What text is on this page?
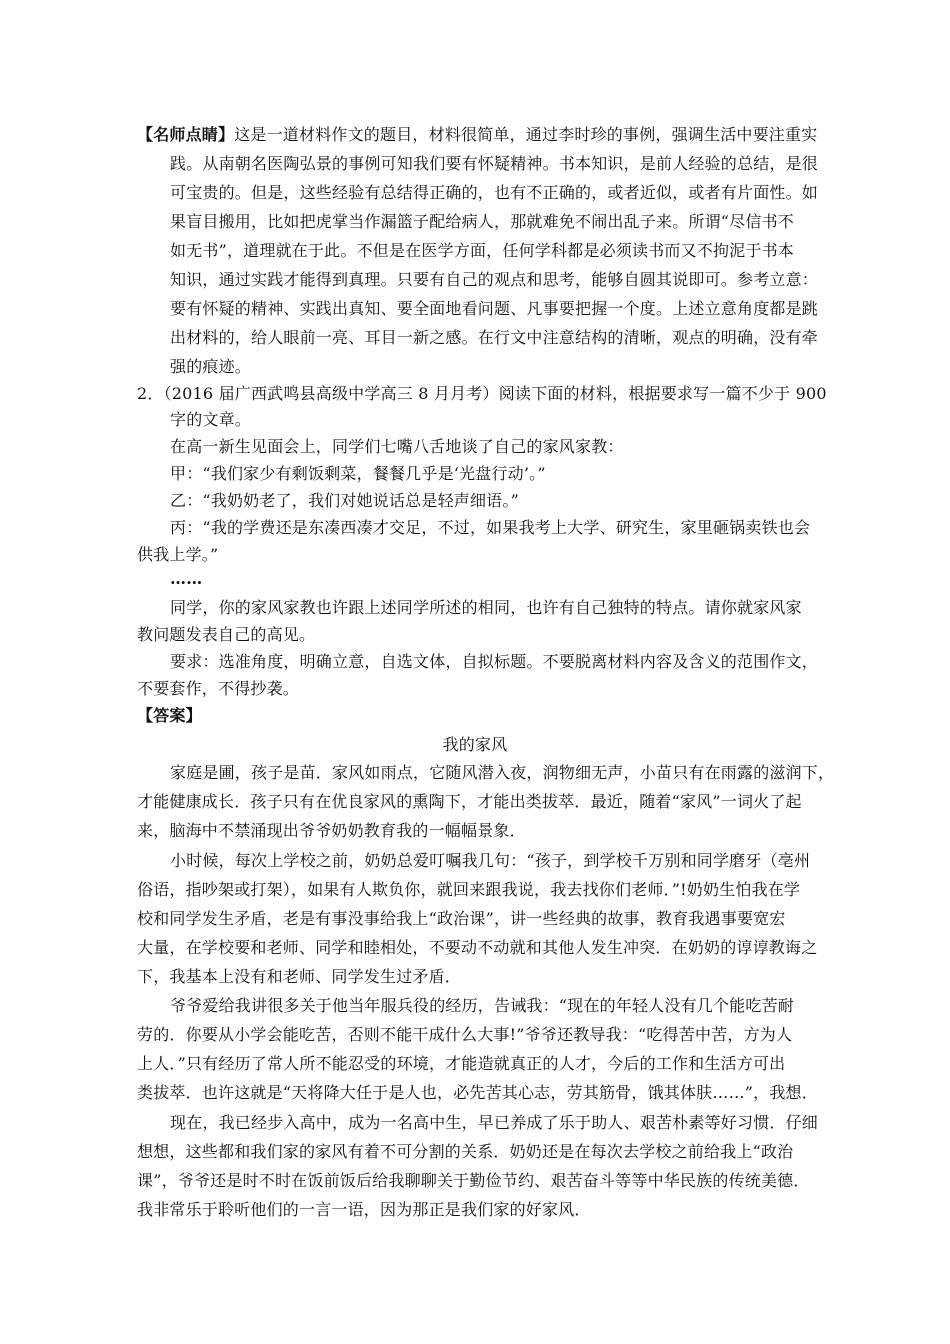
【名师点睛】这是一道材料作文的题目，材料很简单，通过李时珍的事例，强调生活中要注重实
践。从南朝名医陶弘景的事例可知我们要有怀疑精神。书本知识，是前人经验的总结，是很
可宝贵的。但是，这些经验有总结得正确的，也有不正确的，或者近似，或者有片面性。如
果盲目搬用，比如把虎掌当作漏篮子配给病人，那就难免不闹出乱子来。所谓“尽信书不
如无书”，道理就在于此。不但是在医学方面，任何学科都是必须读书而又不拘泥于书本
知识，通过实践才能得到真理。只要有自己的观点和思考，能够自圆其说即可。参考立意：
要有怀疑的精神、实践出真知、要全面地看问题、凡事要把握一个度。上述立意角度都是跳
出材料的，给人眼前一亮、耳目一新之感。在行文中注意结构的清晰，观点的明确，没有牵
强的痕迹。
2．（2016 届广西武鸣县高级中学高三 8 月月考）阅读下面的材料，根据要求写一篇不少于 900
字的文章。
在高一新生见面会上，同学们七嘴八舌地谈了自己的家风家教：
甲：“我们家少有剩饭剩菜，餐餐几乎是‘光盘行动’。”
乙：“我奶奶老了，我们对她说话总是轻声细语。”
丙：“我的学费还是东凑西凑才交足，不过，如果我考上大学、研究生，家里砸锅卖铁也会
供我上学。”
……
同学，你的家风家教也许跟上述同学所述的相同，也许有自己独特的特点。请你就家风家
教问题发表自己的高见。
要求：选准角度，明确立意，自选文体，自拟标题。不要脱离材料内容及含义的范围作文，
不要套作，不得抄袭。
【答案】
我的家风
家庭是圃，孩子是苗．家风如雨点，它随风潜入夜，润物细无声，小苗只有在雨露的滋润下，
才能健康成长．孩子只有在优良家风的熏陶下，才能出类拔萃．最近，随着“家风”一词火了起
来，脑海中不禁涌现出爷爷奶奶教育我的一幅幅景象．
小时候，每次上学校之前，奶奶总爱叮嘱我几句：“孩子，到学校千万别和同学磨牙（亳州
俗语，指吵架或打架），如果有人欺负你，就回来跟我说，我去找你们老师．”!奶奶生怕我在学
校和同学发生矛盾，老是有事没事给我上“政治课”，讲一些经典的故事，教育我遇事要宽宏
大量，在学校要和老师、同学和睦相处，不要动不动就和其他人发生冲突．在奶奶的谆谆教诲之
下，我基本上没有和老师、同学发生过矛盾．
爷爷爱给我讲很多关于他当年服兵役的经历，告诫我：“现在的年轻人没有几个能吃苦耐
劳的．你要从小学会能吃苦，否则不能干成什么大事!”爷爷还教导我：“吃得苦中苦，方为人
上人．”只有经历了常人所不能忍受的环境，才能造就真正的人才，今后的工作和生活方可出
类拔萃．也许这就是“天将降大任于是人也，必先苦其心志，劳其筋骨，饿其体肤……”，我想．
现在，我已经步入高中，成为一名高中生，早已养成了乐于助人、艰苦朴素等好习惯．仔细
想想，这些都和我们家的家风有着不可分割的关系．奶奶还是在每次去学校之前给我上“政治
课”，爷爷还是时不时在饭前饭后给我聊聊关于勤俭节约、艰苦奋斗等等中华民族的传统美德．
我非常乐于聆听他们的一言一语，因为那正是我们家的好家风．
